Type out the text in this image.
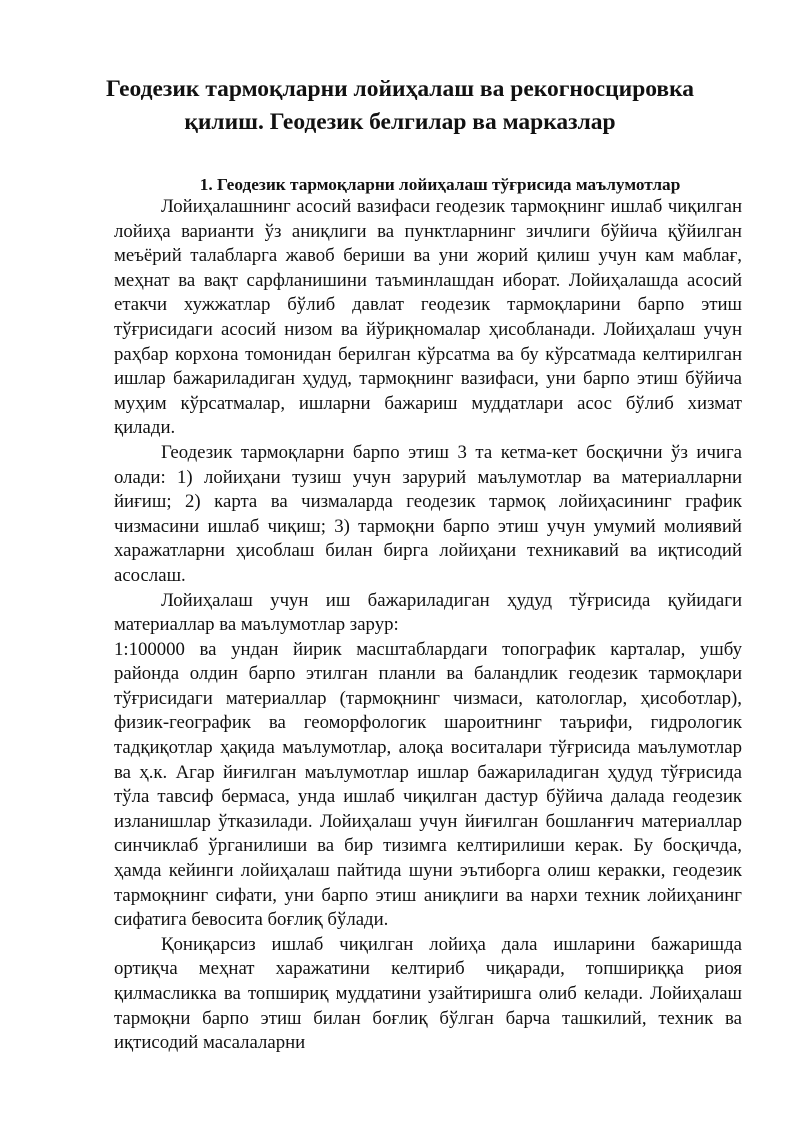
Геодезик тармоқларни лойиҳалаш ва рекогносцировка қилиш. Геодезик белгилар ва марказлар
1. Геодезик тармоқларни лойиҳалаш тўғрисида маълумотлар

Лойиҳалашнинг асосий вазифаси геодезик тармоқнинг ишлаб чиқилган лойиҳа варианти ўз аниқлиги ва пунктларнинг зичлиги бўйича қўйилган меъёрий талабларга жавоб бериши ва уни жорий қилиш учун кам маблағ, меҳнат ва вақт сарфланишини таъминлашдан иборат. Лойиҳалашда асосий етакчи хужжатлар бўлиб давлат геодезик тармоқларини барпо этиш тўғрисидаги асосий низом ва йўриқномалар ҳисобланади. Лойиҳалаш учун раҳбар корхона томонидан берилган кўрсатма ва бу кўрсатмада келтирилган ишлар бажариладиган ҳудуд, тармоқнинг вазифаси, уни барпо этиш бўйича муҳим кўрсатмалар, ишларни бажариш муддатлари асос бўлиб хизмат қилади.

Геодезик тармоқларни барпо этиш 3 та кетма-кет босқични ўз ичига олади: 1) лойиҳани тузиш учун зарурий маълумотлар ва материалларни йиғиш; 2) карта ва чизмаларда геодезик тармоқ лойиҳасининг график чизмасини ишлаб чиқиш; 3) тармоқни барпо этиш учун умумий молиявий харажатларни ҳисоблаш билан бирга лойиҳани техникавий ва иқтисодий асослаш.

Лойиҳалаш учун иш бажариладиган ҳудуд тўғрисида қуйидаги материаллар ва маълумотлар зарур:

1:100000 ва ундан йирик масштаблардаги топографик карталар, ушбу районда олдин барпо этилган планли ва баландлик геодезик тармоқлари тўғрисидаги материаллар (тармоқнинг чизмаси, катологлар, ҳисоботлар), физик-географик ва геоморфологик шароитнинг таърифи, гидрологик тадқиқотлар ҳақида маълумотлар, алоқа воситалари тўғрисида маълумотлар ва ҳ.к. Агар йиғилган маълумотлар ишлар бажариладиган ҳудуд тўғрисида тўла тавсиф бермаса, унда ишлаб чиқилган дастур бўйича далада геодезик изланишлар ўтказилади. Лойиҳалаш учун йиғилган бошланғич материаллар синчиклаб ўрганилиши ва бир тизимга келтирилиши керак. Бу босқичда, ҳамда кейинги лойиҳалаш пайтида шуни эътиборга олиш керакки, геодезик тармоқнинг сифати, уни барпо этиш аниқлиги ва нархи техник лойиҳанинг сифатига бевосита боғлиқ бўлади.

Қониқарсиз ишлаб чиқилган лойиҳа дала ишларини бажаришда ортиқча меҳнат харажатини келтириб чиқаради, топшириққа риоя қилмасликка ва топшириқ муддатини узайтиришга олиб келади. Лойиҳалаш тармоқни барпо этиш билан боғлиқ бўлган барча ташкилий, техник ва иқтисодий масалаларни
